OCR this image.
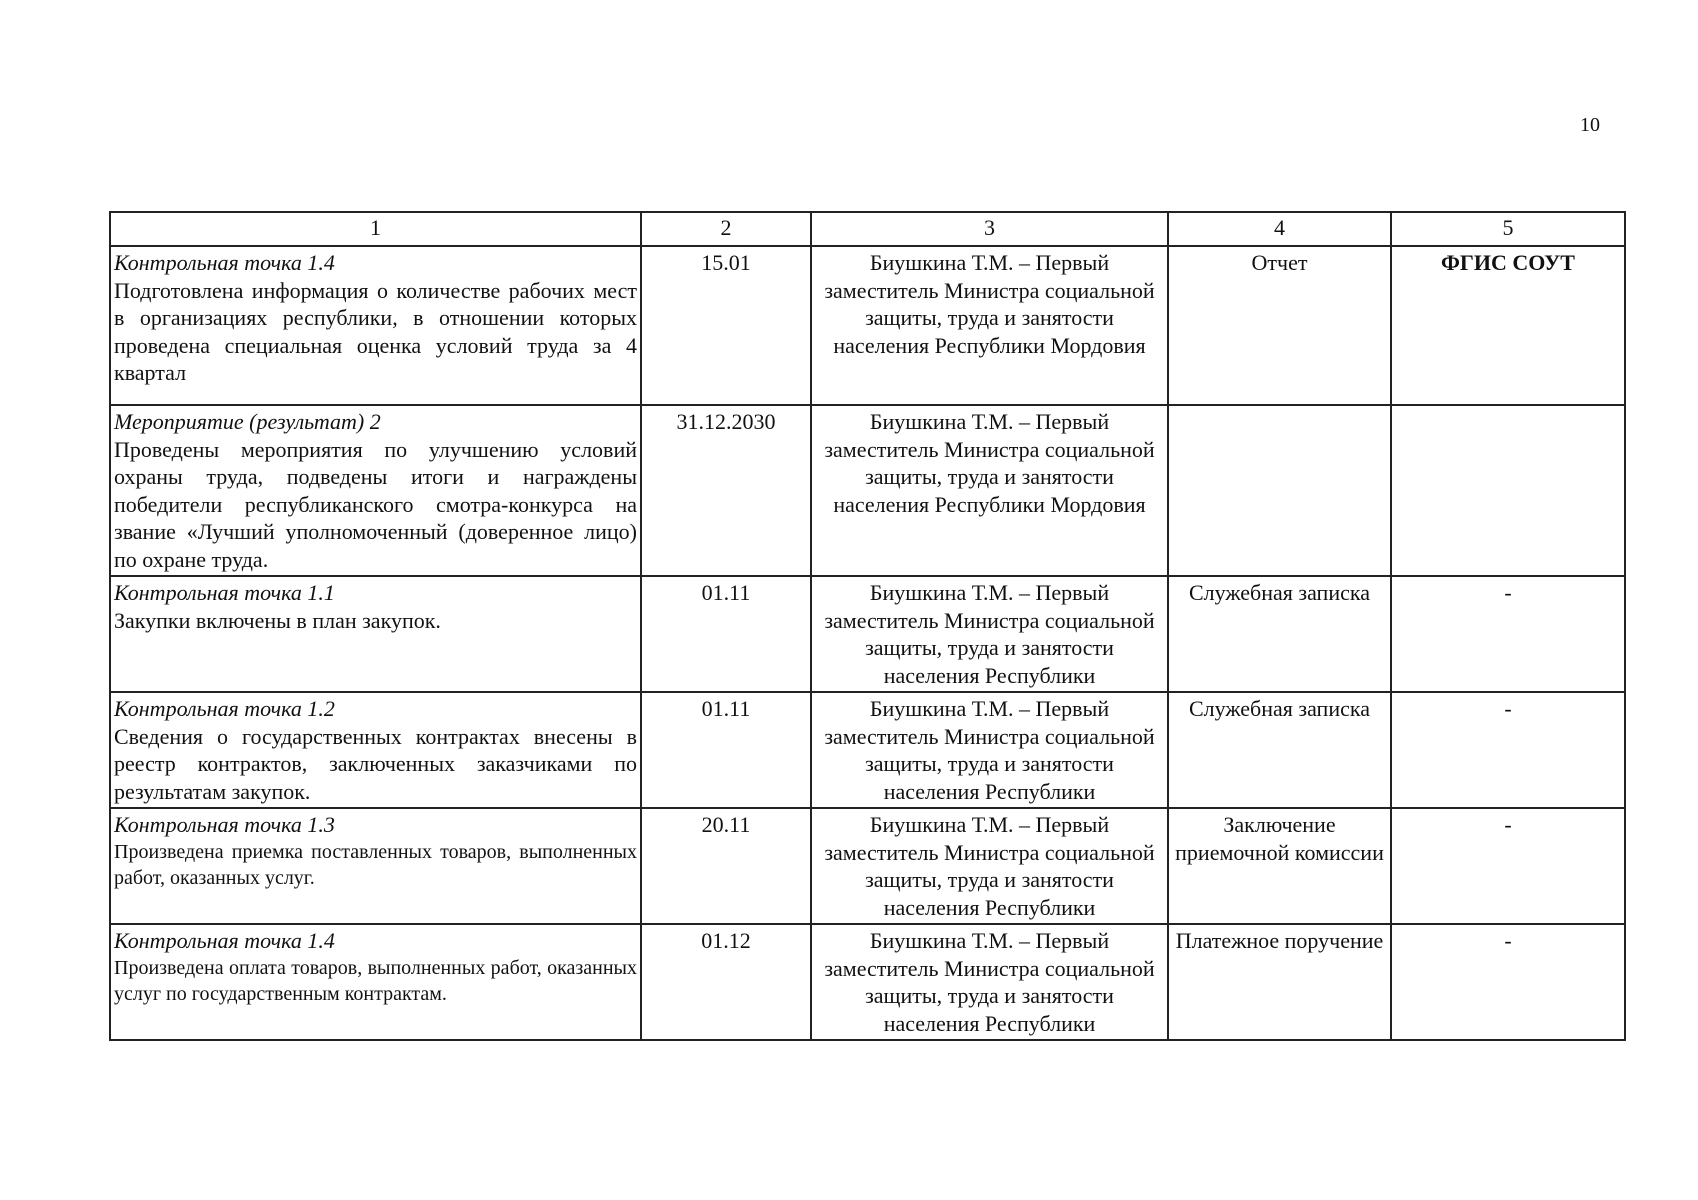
10
1	2	3	4	5

Контрольная точка 1.4
Подготовлена информация о количестве рабочих мест в организациях республики, в отношении которых проведена специальная оценка условий труда за 4 квартал	15.01	Биушкина Т.М. – Первый заместитель Министра социальной защиты, труда и занятости населения Республики Мордовия	Отчет	ФГИС СОУТ

Мероприятие (результат) 2
Проведены мероприятия по улучшению условий охраны труда, подведены итоги и награждены победители республиканского смотра-конкурса на звание «Лучший уполномоченный (доверенное лицо) по охране труда.	31.12.2030	Биушкина Т.М. – Первый заместитель Министра социальной защиты, труда и занятости населения Республики Мордовия		

Контрольная точка 1.1
Закупки включены в план закупок.	01.11	Биушкина Т.М. – Первый заместитель Министра социальной защиты, труда и занятости населения Республики	Служебная записка	-

Контрольная точка 1.2
Сведения о государственных контрактах внесены в реестр контрактов, заключенных заказчиками по результатам закупок.	01.11	Биушкина Т.М. – Первый заместитель Министра социальной защиты, труда и занятости населения Республики	Служебная записка	-

Контрольная точка 1.3
Произведена приемка поставленных товаров, выполненных работ, оказанных услуг.	20.11	Биушкина Т.М. – Первый заместитель Министра социальной защиты, труда и занятости населения Республики	Заключение приемочной комиссии	-

Контрольная точка 1.4
Произведена оплата товаров, выполненных работ, оказанных услуг по государственным контрактам.	01.12	Биушкина Т.М. – Первый заместитель Министра социальной защиты, труда и занятости населения Республики	Платежное поручение	-
